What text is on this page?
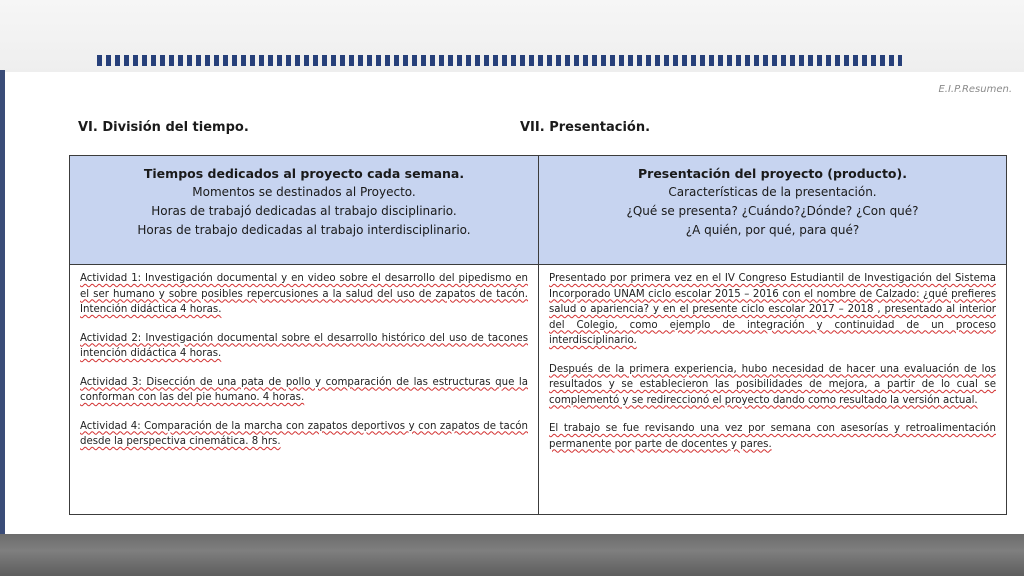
E.I.P.Resumen.
VI. División del tiempo.	VII. Presentación.
Tiempos dedicados al proyecto cada semana.
Momentos se destinados al Proyecto.
Horas de trabajó dedicadas al trabajo disciplinario.
Horas de trabajo dedicadas al trabajo interdisciplinario.
Presentación del proyecto (producto).
Características de la presentación.
¿Qué se presenta? ¿Cuándo?¿Dónde? ¿Con qué?
¿A quién, por qué, para qué?

Actividad 1: Investigación documental y en video sobre el desarrollo del pipedismo en el ser humano y sobre posibles repercusiones a la salud del uso de zapatos de tacón. Intención didáctica 4 horas.

Actividad 2: Investigación documental sobre el desarrollo histórico del uso de tacones intención didáctica 4 horas.

Actividad 3: Disección de una pata de pollo y comparación de las estructuras que la conforman con las del pie humano. 4 horas.

Actividad 4: Comparación de la marcha con zapatos deportivos y con zapatos de tacón desde la perspectiva cinemática. 8 hrs.

Presentado por primera vez en el IV Congreso Estudiantil de Investigación del Sistema Incorporado UNAM ciclo escolar 2015 – 2016 con el nombre de Calzado: ¿qué prefieres salud o apariencia? y en el presente ciclo escolar 2017 – 2018 , presentado al interior del Colegio, como ejemplo de integración y continuidad de un proceso interdisciplinario.

Después de la primera experiencia, hubo necesidad de hacer una evaluación de los resultados y se establecieron las posibilidades de mejora, a partir de lo cual se complementó y se redireccionó el proyecto dando como resultado la versión actual.

El trabajo se fue revisando una vez por semana con asesorías y retroalimentación permanente por parte de docentes y pares.
